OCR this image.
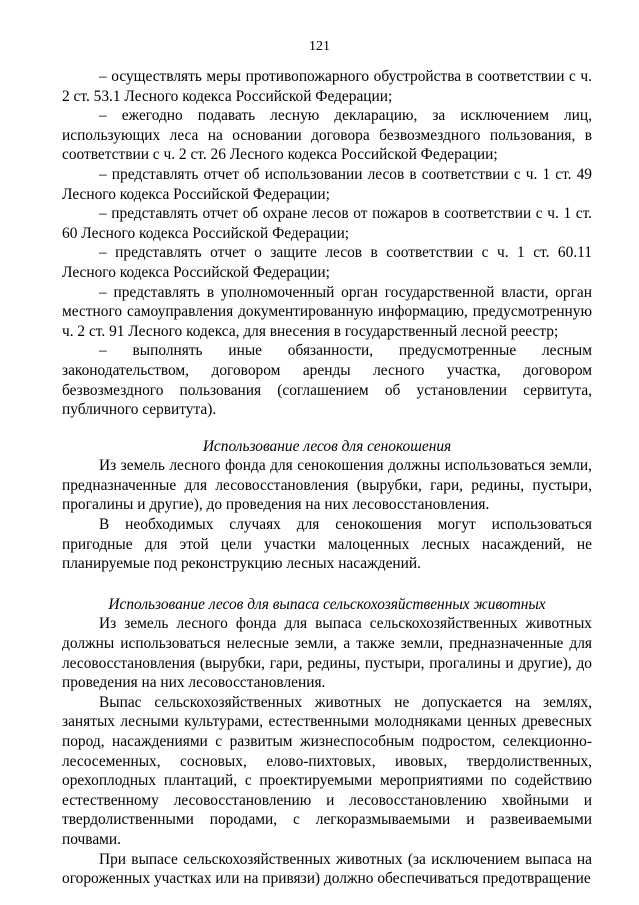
121

– осуществлять меры противопожарного обустройства в соответствии с ч. 2 ст. 53.1 Лесного кодекса Российской Федерации;

– ежегодно подавать лесную декларацию, за исключением лиц, использующих леса на основании договора безвозмездного пользования, в соответствии с ч. 2 ст. 26 Лесного кодекса Российской Федерации;

– представлять отчет об использовании лесов в соответствии с ч. 1 ст. 49 Лесного кодекса Российской Федерации;

– представлять отчет об охране лесов от пожаров в соответствии с ч. 1 ст. 60 Лесного кодекса Российской Федерации;

– представлять отчет о защите лесов в соответствии с ч. 1 ст. 60.11 Лесного кодекса Российской Федерации;

– представлять в уполномоченный орган государственной власти, орган местного самоуправления документированную информацию, предусмотренную ч. 2 ст. 91 Лесного кодекса, для внесения в государственный лесной реестр;

– выполнять иные обязанности, предусмотренные лесным законодательством, договором аренды лесного участка, договором безвозмездного пользования (соглашением об установлении сервитута, публичного сервитута).

Использование лесов для сенокошения

Из земель лесного фонда для сенокошения должны использоваться земли, предназначенные для лесовосстановления (вырубки, гари, редины, пустыри, прогалины и другие), до проведения на них лесовосстановления.

В необходимых случаях для сенокошения могут использоваться пригодные для этой цели участки малоценных лесных насаждений, не планируемые под реконструкцию лесных насаждений.

Использование лесов для выпаса сельскохозяйственных животных

Из земель лесного фонда для выпаса сельскохозяйственных животных должны использоваться нелесные земли, а также земли, предназначенные для лесовосстановления (вырубки, гари, редины, пустыри, прогалины и другие), до проведения на них лесовосстановления.

Выпас сельскохозяйственных животных не допускается на землях, занятых лесными культурами, естественными молодняками ценных древесных пород, насаждениями с развитым жизнеспособным подростом, селекционно-лесосеменных, сосновых, елово-пихтовых, ивовых, твердолиственных, орехоплодных плантаций, с проектируемыми мероприятиями по содействию естественному лесовосстановлению и лесовосстановлению хвойными и твердолиственными породами, с легкоразмываемыми и развеиваемыми почвами.

При выпасе сельскохозяйственных животных (за исключением выпаса на огороженных участках или на привязи) должно обеспечиваться предотвращение
